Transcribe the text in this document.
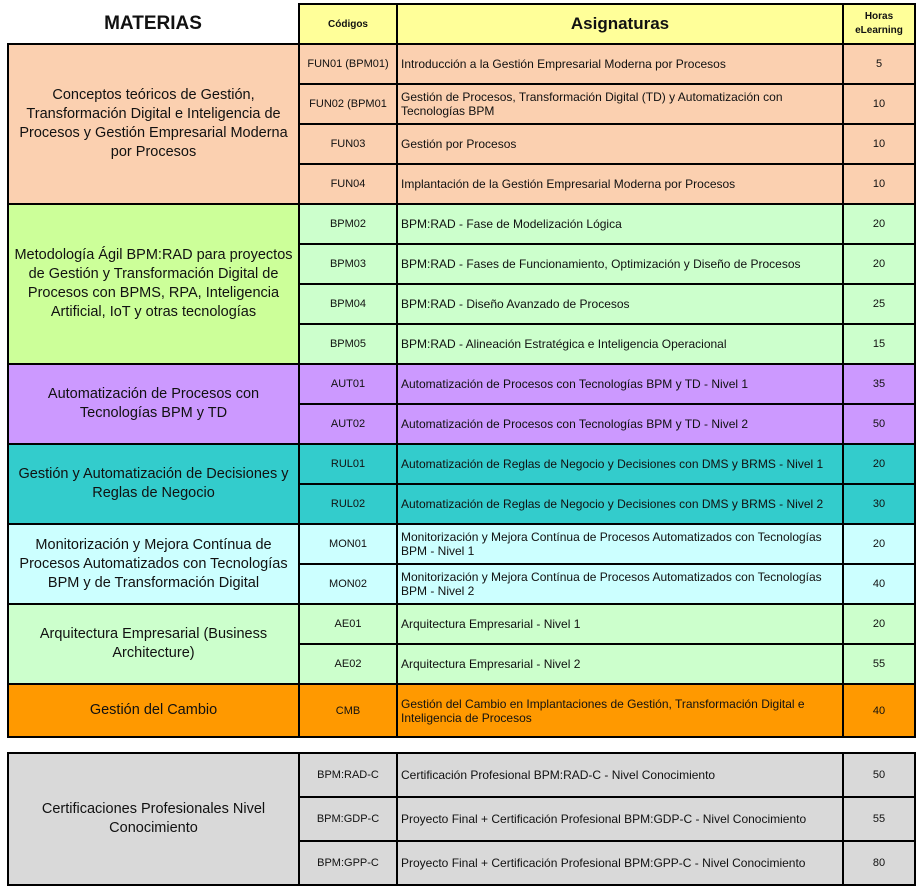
MATERIAS	Códigos	Asignaturas	Horas eLearning
Conceptos teóricos de Gestión, Transformación Digital e Inteligencia de Procesos y Gestión Empresarial Moderna por Procesos	FUN01 (BPM01)	Introducción a la Gestión Empresarial Moderna por Procesos	5
	FUN02 (BPM01	Gestión de Procesos, Transformación Digital (TD) y Automatización con Tecnologías BPM	10
	FUN03	Gestión por Procesos	10
	FUN04	Implantación de la Gestión Empresarial Moderna por Procesos	10
Metodología Ágil BPM:RAD para proyectos de Gestión y Transformación Digital de Procesos con BPMS, RPA, Inteligencia Artificial, IoT y otras tecnologías	BPM02	BPM:RAD - Fase de Modelización Lógica	20
	BPM03	BPM:RAD - Fases de Funcionamiento, Optimización y Diseño de Procesos	20
	BPM04	BPM:RAD - Diseño Avanzado de Procesos	25
	BPM05	BPM:RAD - Alineación Estratégica e Inteligencia Operacional	15
Automatización de Procesos con Tecnologías BPM y TD	AUT01	Automatización de Procesos con Tecnologías BPM y TD - Nivel 1	35
	AUT02	Automatización de Procesos con Tecnologías BPM y TD - Nivel 2	50
Gestión y Automatización de Decisiones y Reglas de Negocio	RUL01	Automatización de Reglas de Negocio y Decisiones con DMS y BRMS - Nivel 1	20
	RUL02	Automatización de Reglas de Negocio y Decisiones con DMS y BRMS - Nivel 2	30
Monitorización y Mejora Contínua de Procesos Automatizados con Tecnologías BPM y de Transformación Digital	MON01	Monitorización y Mejora Contínua de Procesos Automatizados con Tecnologías BPM - Nivel 1	20
	MON02	Monitorización y Mejora Contínua de Procesos Automatizados con Tecnologías BPM - Nivel 2	40
Arquitectura Empresarial (Business Architecture)	AE01	Arquitectura Empresarial - Nivel 1	20
	AE02	Arquitectura Empresarial - Nivel 2	55
Gestión del Cambio	CMB	Gestión del Cambio en Implantaciones de Gestión, Transformación Digital e Inteligencia de Procesos	40
Certificaciones Profesionales Nivel Conocimiento	BPM:RAD-C	Certificación Profesional BPM:RAD-C - Nivel Conocimiento	50
	BPM:GDP-C	Proyecto Final + Certificación Profesional BPM:GDP-C - Nivel Conocimiento	55
	BPM:GPP-C	Proyecto Final + Certificación Profesional BPM:GPP-C - Nivel Conocimiento	80
